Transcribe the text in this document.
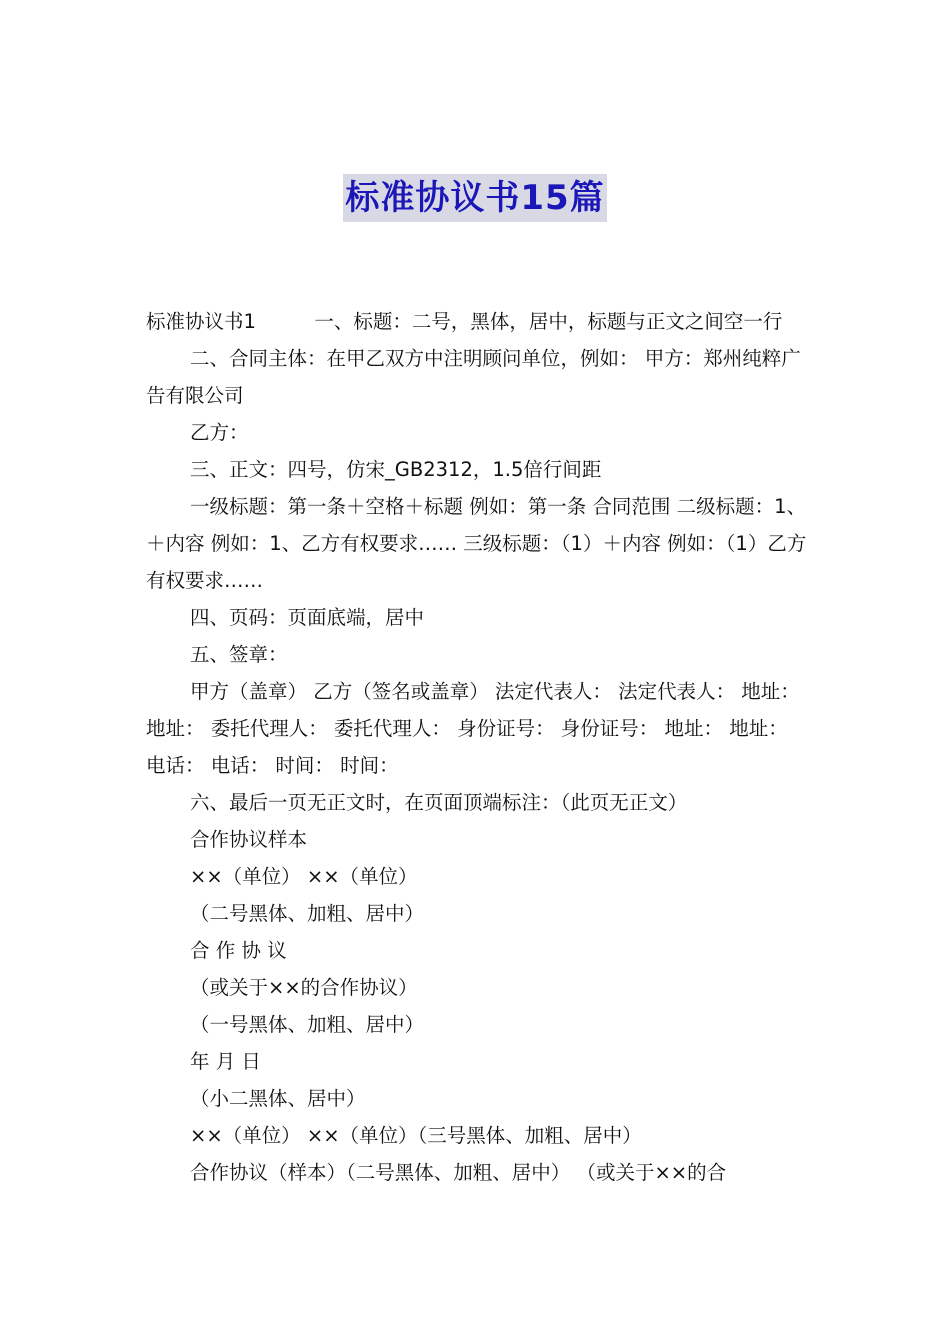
标准协议书15篇

标准协议书1　　　一、标题：二号，黑体，居中，标题与正文之间空一行

二、合同主体：在甲乙双方中注明顾问单位，例如： 甲方：郑州纯粹广告有限公司

乙方：

三、正文：四号，仿宋_GB2312，1.5倍行间距

一级标题：第一条＋空格＋标题 例如：第一条 合同范围 二级标题：1、＋内容 例如：1、乙方有权要求…… 三级标题：（1）＋内容 例如：（1）乙方有权要求……

四、页码：页面底端，居中

五、签章：

甲方（盖章） 乙方（签名或盖章） 法定代表人： 法定代表人： 地址： 地址： 委托代理人： 委托代理人： 身份证号： 身份证号： 地址： 地址： 电话： 电话： 时间： 时间：

六、最后一页无正文时，在页面顶端标注：（此页无正文）

合作协议样本

××（单位） ××（单位）

（二号黑体、加粗、居中）

合 作 协 议

（或关于××的合作协议）

（一号黑体、加粗、居中）

年 月 日

（小二黑体、居中）

××（单位） ××（单位）（三号黑体、加粗、居中）

合作协议（样本）（二号黑体、加粗、居中） （或关于××的合
